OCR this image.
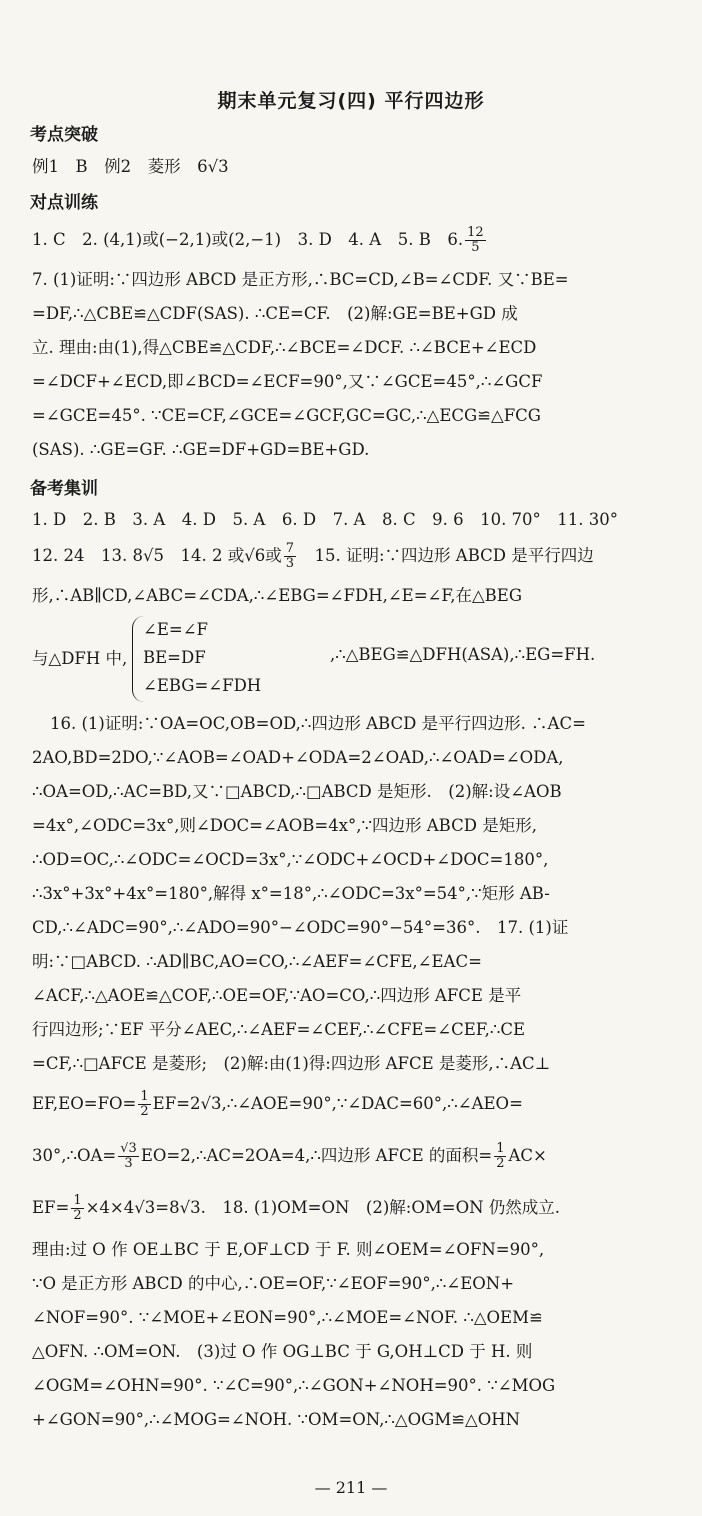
期末单元复习(四) 平行四边形
考点突破
例1　B　例2　菱形　6√3
对点训练
1. C　2. (4,1)或(−2,1)或(2,−1)　3. D　4. A　5. B　6. $\frac{12}{5}$
7. (1)证明:∵四边形 ABCD 是正方形,∴BC=CD,∠B=∠CDF. 又∵BE=
=DF,∴△CBE≌△CDF(SAS). ∴CE=CF.　(2)解:GE=BE+GD 成
立. 理由:由(1),得△CBE≌△CDF,∴∠BCE=∠DCF. ∴∠BCE+∠ECD
=∠DCF+∠ECD,即∠BCD=∠ECF=90°,又∵∠GCE=45°,∴∠GCF
=∠GCE=45°. ∵CE=CF,∠GCE=∠GCF,GC=GC,∴△ECG≌△FCG
(SAS). ∴GE=GF. ∴GE=DF+GD=BE+GD.
备考集训
1. D　2. B　3. A　4. D　5. A　6. D　7. A　8. C　9. 6　10. 70°　11. 30°
12. 24　13. 8√5　14. 2 或√6或 $\frac{7}{3}$ 　15. 证明:∵四边形 ABCD 是平行四边
形,∴AB∥CD,∠ABC=∠CDA,∴∠EBG=∠FDH,∠E=∠F,在△BEG
与△DFH 中,
∠E=∠F
BE=DF
∠EBG=∠FDH
,∴△BEG≌△DFH(ASA),∴EG=FH.
16. (1)证明:∵OA=OC,OB=OD,∴四边形 ABCD 是平行四边形. ∴AC=
2AO,BD=2DO,∵∠AOB=∠OAD+∠ODA=2∠OAD,∴∠OAD=∠ODA,
∴OA=OD,∴AC=BD,又∵□ABCD,∴□ABCD 是矩形.　(2)解:设∠AOB
=4x°,∠ODC=3x°,则∠DOC=∠AOB=4x°,∵四边形 ABCD 是矩形,
∴OD=OC,∴∠ODC=∠OCD=3x°,∵∠ODC+∠OCD+∠DOC=180°,
∴3x°+3x°+4x°=180°,解得 x°=18°,∴∠ODC=3x°=54°,∵矩形 AB-
CD,∴∠ADC=90°,∴∠ADO=90°−∠ODC=90°−54°=36°.　17. (1)证
明:∵□ABCD. ∴AD∥BC,AO=CO,∴∠AEF=∠CFE,∠EAC=
∠ACF,∴△AOE≌△COF,∴OE=OF,∵AO=CO,∴四边形 AFCE 是平
行四边形;∵EF 平分∠AEC,∴∠AEF=∠CEF,∴∠CFE=∠CEF,∴CE
=CF,∴□AFCE 是菱形;　(2)解:由(1)得:四边形 AFCE 是菱形,∴AC⊥
$EF,EO=FO= \frac{1}{2}$ EF=2√3,∴∠AOE=90°,∵∠DAC=60°,∴∠AEO=
30°,∴OA= $\frac{√3}{3}$ EO=2,∴AC=2OA=4,∴四边形 AFCE 的面积= $\frac{1}{2} AC\times$
$EF= \frac{1}{2} \times 4\times 4√3=8√3$.　18. (1)OM=ON　(2)解:OM=ON 仍然成立.
理由:过 O 作 OE⊥BC 于 E,OF⊥CD 于 F. 则∠OEM=∠OFN=90°,
∵O 是正方形 ABCD 的中心,∴OE=OF,∵∠EOF=90°,∴∠EON+
∠NOF=90°. ∵∠MOE+∠EON=90°,∴∠MOE=∠NOF. ∴△OEM≌
△OFN. ∴OM=ON.　(3)过 O 作 OG⊥BC 于 G,OH⊥CD 于 H. 则
∠OGM=∠OHN=90°. ∵∠C=90°,∴∠GON+∠NOH=90°. ∵∠MOG
+∠GON=90°,∴∠MOG=∠NOH. ∵OM=ON,∴△OGM≌△OHN
— 211 —
